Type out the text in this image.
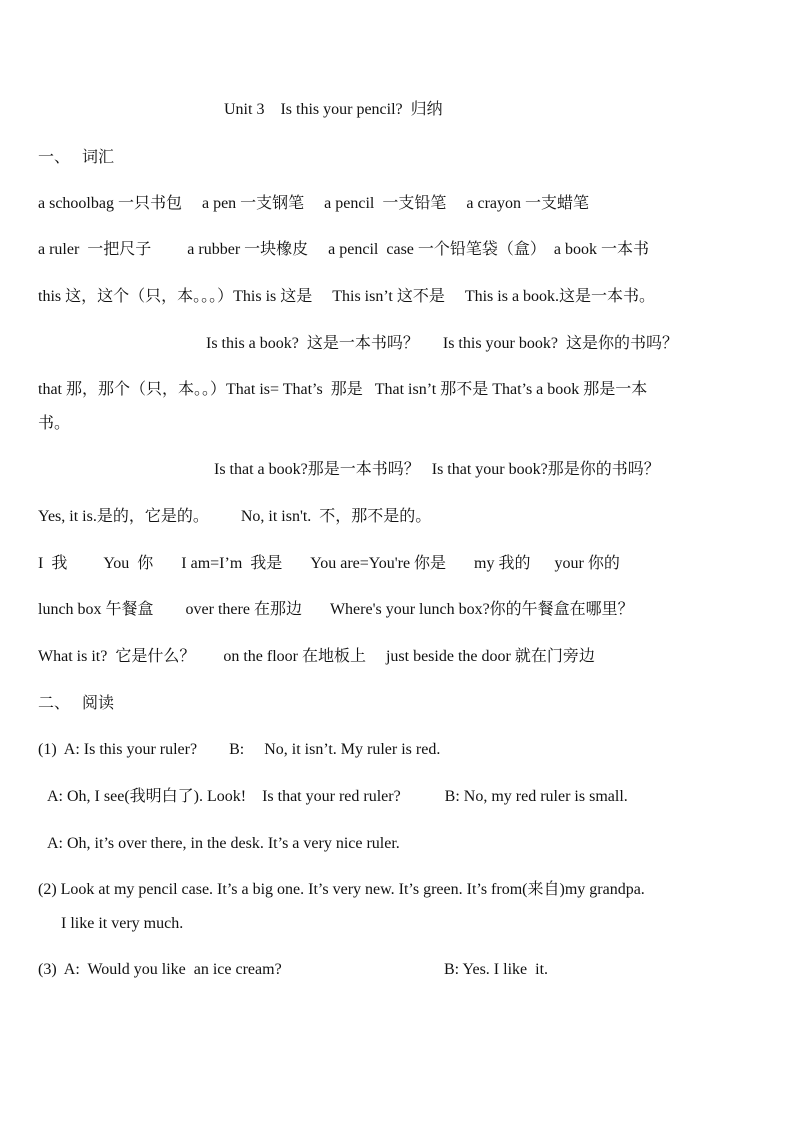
Unit 3    Is this your pencil?  归纳
一、   词汇
a schoolbag 一只书包     a pen 一支钢笔     a pencil  一支铅笔     a crayon 一支蜡笔
a ruler  一把尺子         a rubber 一块橡皮     a pencil  case 一个铅笔袋（盒）  a book 一本书
this 这，这个（只，本。。。）This is 这是     This isn’t 这不是     This is a book.这是一本书。
Is this a book?  这是一本书吗？      Is this your book?  这是你的书吗？
that 那，那个（只，本。。）That is= That’s  那是   That isn’t 那不是 That’s a book 那是一本
书。
Is that a book?那是一本书吗？   Is that your book?那是你的书吗？
Yes, it is.是的，它是的。        No, it isn't.  不，那不是的。
I  我         You  你       I am=I’m  我是       You are=You're 你是       my 我的      your 你的
lunch box 午餐盒        over there 在那边       Where's your lunch box?你的午餐盒在哪里？
What is it?  它是什么？       on the floor 在地板上     just beside the door 就在门旁边
二、   阅读
(1)  A: Is this your ruler?        B:     No, it isn’t. My ruler is red.
A: Oh, I see(我明白了). Look!    Is that your red ruler?           B: No, my red ruler is small.
A: Oh, it’s over there, in the desk. It’s a very nice ruler.
(2) Look at my pencil case. It’s a big one. It’s very new. It’s green. It’s from(来自)my grandpa.
I like it very much.
(3)  A:  Would you like  an ice cream?	B: Yes. I like  it.
